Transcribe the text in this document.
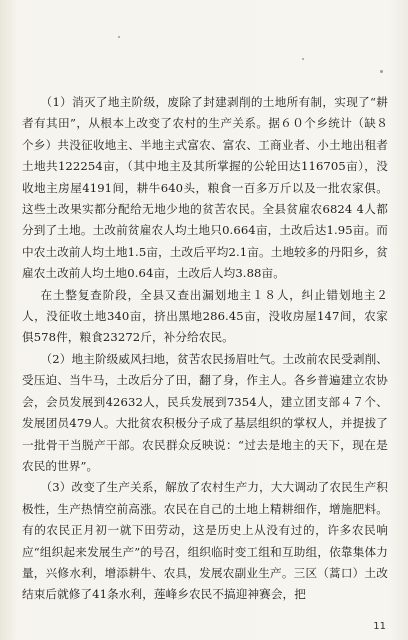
（1）消灭了地主阶级，废除了封建剥削的土地所有制，实现了“耕者有其田”，从根本上改变了农村的生产关系。据６０个乡统计（缺８个乡）共没征收地主、半地主式富农、富农、工商业者、小土地出租者土地共122254亩，（其中地主及其所掌握的公轮田达116705亩），没收地主房屋4191间，耕牛640头，粮食一百多万斤以及一批农家俱。这些土改果实都分配给无地少地的贫苦农民。全县贫雇农6824 4人都分到了土地。土改前贫雇农人均土地只0.664亩，土改后达1.95亩。而中农土改前人均土地1.5亩，土改后平均2.1亩。土地较多的丹阳乡，贫雇农土改前人均土地0.64亩，土改后人均3.88亩。

在土整复查阶段，全县又查出漏划地主１８人，纠止错划地主２人，没征收土地340亩，挤出黑地286.45亩，没收房屋147间，农家俱578件，粮食23272斤，补分给农民。

（2）地主阶级威风扫地，贫苦农民扬眉吐气。土改前农民受剥削、受压迫、当牛马，土改后分了田，翻了身，作主人。各乡普遍建立农协会，会员发展到42632人，民兵发展到7354人，建立团支部４７个、发展团员479人。大批贫农积极分子成了基层组织的掌权人，并提拔了一批骨干当脱产干部。农民群众反映说：“过去是地主的天下，现在是农民的世界”。

（3）改变了生产关系，解放了农村生产力，大大调动了农民生产积极性，生产热情空前高涨。农民在自己的土地上精耕细作，增施肥料。有的农民正月初一就下田劳动，这是历史上从没有过的，许多农民响应“组织起来发展生产”的号召，组织临时变工组和互助组，依靠集体力量，兴修水利，增添耕牛、农具，发展农副业生产。三区（蒿口）土改结束后就修了41条水利，莲峰乡农民不搞迎神赛会，把

11
